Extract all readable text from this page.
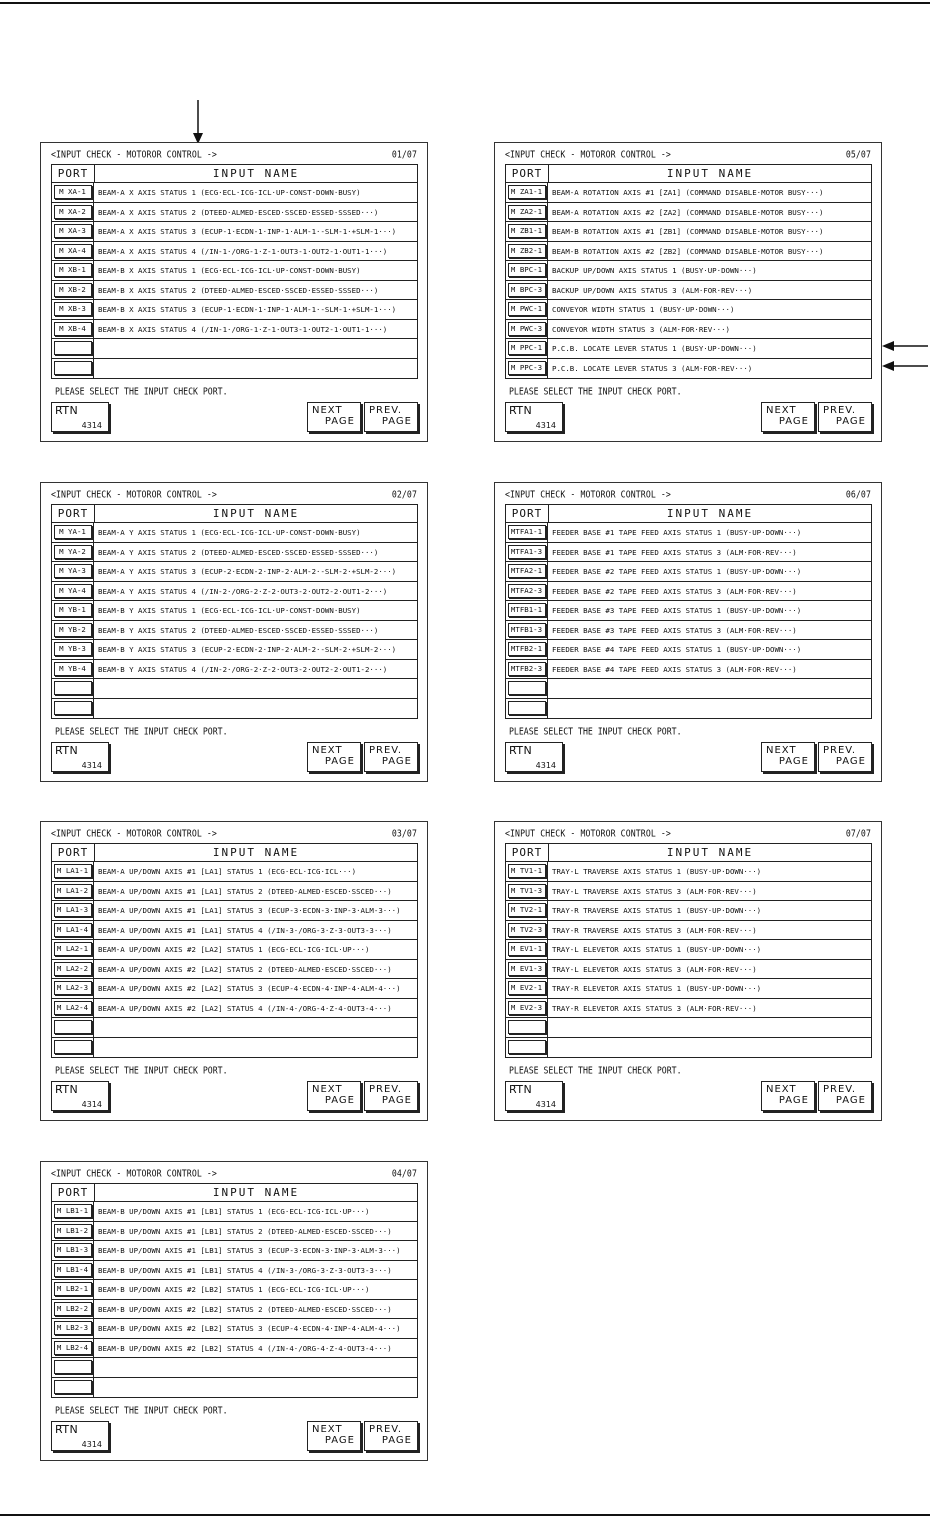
<INPUT CHECK - MOTOROR CONTROL ->	01/07
PORT	INPUT NAME
M XA-1	BEAM-A X AXIS STATUS 1 (ECG·ECL·ICG·ICL·UP·CONST·DOWN·BUSY)
M XA-2	BEAM-A X AXIS STATUS 2 (DTEED·ALMED·ESCED·SSCED·ESSED·SSSED···)
M XA-3	BEAM-A X AXIS STATUS 3 (ECUP-1·ECDN-1·INP-1·ALM-1·-SLM-1·+SLM-1···)
M XA-4	BEAM-A X AXIS STATUS 4 (/IN-1·/ORG-1·Z-1·OUT3-1·OUT2-1·OUT1-1···)
M XB-1	BEAM-B X AXIS STATUS 1 (ECG·ECL·ICG·ICL·UP·CONST·DOWN·BUSY)
M XB-2	BEAM-B X AXIS STATUS 2 (DTEED·ALMED·ESCED·SSCED·ESSED·SSSED···)
M XB-3	BEAM-B X AXIS STATUS 3 (ECUP-1·ECDN-1·INP-1·ALM-1·-SLM-1·+SLM-1···)
M XB-4	BEAM-B X AXIS STATUS 4 (/IN-1·/ORG-1·Z-1·OUT3-1·OUT2-1·OUT1-1···)
PLEASE SELECT THE INPUT CHECK PORT.
RTN
4314
NEXT
PAGE
PREV.
PAGE
<INPUT CHECK - MOTOROR CONTROL ->	02/07
PORT	INPUT NAME
M YA-1	BEAM-A Y AXIS STATUS 1 (ECG·ECL·ICG·ICL·UP·CONST·DOWN·BUSY)
M YA-2	BEAM-A Y AXIS STATUS 2 (DTEED·ALMED·ESCED·SSCED·ESSED·SSSED···)
M YA-3	BEAM-A Y AXIS STATUS 3 (ECUP-2·ECDN-2·INP-2·ALM-2·-SLM-2·+SLM-2···)
M YA-4	BEAM-A Y AXIS STATUS 4 (/IN-2·/ORG-2·Z-2·OUT3-2·OUT2-2·OUT1-2···)
M YB-1	BEAM-B Y AXIS STATUS 1 (ECG·ECL·ICG·ICL·UP·CONST·DOWN·BUSY)
M YB-2	BEAM-B Y AXIS STATUS 2 (DTEED·ALMED·ESCED·SSCED·ESSED·SSSED···)
M YB-3	BEAM-B Y AXIS STATUS 3 (ECUP-2·ECDN-2·INP-2·ALM-2·-SLM-2·+SLM-2···)
M YB-4	BEAM-B Y AXIS STATUS 4 (/IN-2·/ORG-2·Z-2·OUT3-2·OUT2-2·OUT1-2···)
PLEASE SELECT THE INPUT CHECK PORT.
RTN
4314
NEXT
PAGE
PREV.
PAGE
<INPUT CHECK - MOTOROR CONTROL ->	03/07
PORT	INPUT NAME
M LA1-1	BEAM-A UP/DOWN AXIS #1 [LA1] STATUS 1 (ECG·ECL·ICG·ICL···)
M LA1-2	BEAM-A UP/DOWN AXIS #1 [LA1] STATUS 2 (DTEED·ALMED·ESCED·SSCED···)
M LA1-3	BEAM-A UP/DOWN AXIS #1 [LA1] STATUS 3 (ECUP-3·ECDN-3·INP-3·ALM-3···)
M LA1-4	BEAM-A UP/DOWN AXIS #1 [LA1] STATUS 4 (/IN-3·/ORG-3·Z-3·OUT3-3···)
M LA2-1	BEAM-A UP/DOWN AXIS #2 [LA2] STATUS 1 (ECG·ECL·ICG·ICL·UP···)
M LA2-2	BEAM-A UP/DOWN AXIS #2 [LA2] STATUS 2 (DTEED·ALMED·ESCED·SSCED···)
M LA2-3	BEAM-A UP/DOWN AXIS #2 [LA2] STATUS 3 (ECUP-4·ECDN-4·INP-4·ALM-4···)
M LA2-4	BEAM-A UP/DOWN AXIS #2 [LA2] STATUS 4 (/IN-4·/ORG-4·Z-4·OUT3-4···)
PLEASE SELECT THE INPUT CHECK PORT.
RTN
4314
NEXT
PAGE
PREV.
PAGE
<INPUT CHECK - MOTOROR CONTROL ->	04/07
PORT	INPUT NAME
M LB1-1	BEAM-B UP/DOWN AXIS #1 [LB1] STATUS 1 (ECG·ECL·ICG·ICL·UP···)
M LB1-2	BEAM-B UP/DOWN AXIS #1 [LB1] STATUS 2 (DTEED·ALMED·ESCED·SSCED···)
M LB1-3	BEAM-B UP/DOWN AXIS #1 [LB1] STATUS 3 (ECUP-3·ECDN-3·INP-3·ALM-3···)
M LB1-4	BEAM-B UP/DOWN AXIS #1 [LB1] STATUS 4 (/IN-3·/ORG-3·Z-3·OUT3-3···)
M LB2-1	BEAM-B UP/DOWN AXIS #2 [LB2] STATUS 1 (ECG·ECL·ICG·ICL·UP···)
M LB2-2	BEAM-B UP/DOWN AXIS #2 [LB2] STATUS 2 (DTEED·ALMED·ESCED·SSCED···)
M LB2-3	BEAM-B UP/DOWN AXIS #2 [LB2] STATUS 3 (ECUP-4·ECDN-4·INP-4·ALM-4···)
M LB2-4	BEAM-B UP/DOWN AXIS #2 [LB2] STATUS 4 (/IN-4·/ORG-4·Z-4·OUT3-4···)
PLEASE SELECT THE INPUT CHECK PORT.
RTN
4314
NEXT
PAGE
PREV.
PAGE
<INPUT CHECK - MOTOROR CONTROL ->	05/07
PORT	INPUT NAME
M ZA1-1	BEAM-A ROTATION AXIS #1 [ZA1] (COMMAND DISABLE·MOTOR BUSY···)
M ZA2-1	BEAM-A ROTATION AXIS #2 [ZA2] (COMMAND DISABLE·MOTOR BUSY···)
M ZB1-1	BEAM-B ROTATION AXIS #1 [ZB1] (COMMAND DISABLE·MOTOR BUSY···)
M ZB2-1	BEAM-B ROTATION AXIS #2 [ZB2] (COMMAND DISABLE·MOTOR BUSY···)
M BPC-1	BACKUP UP/DOWN AXIS STATUS 1 (BUSY·UP·DOWN···)
M BPC-3	BACKUP UP/DOWN AXIS STATUS 3 (ALM·FOR·REV···)
M PWC-1	CONVEYOR WIDTH STATUS 1 (BUSY·UP·DOWN···)
M PWC-3	CONVEYOR WIDTH STATUS 3 (ALM·FOR·REV···)
M PPC-1	P.C.B. LOCATE LEVER STATUS 1 (BUSY·UP·DOWN···)
M PPC-3	P.C.B. LOCATE LEVER STATUS 3 (ALM·FOR·REV···)
PLEASE SELECT THE INPUT CHECK PORT.
RTN
4314
NEXT
PAGE
PREV.
PAGE
<INPUT CHECK - MOTOROR CONTROL ->	06/07
PORT	INPUT NAME
MTFA1-1	FEEDER BASE #1 TAPE FEED AXIS STATUS 1 (BUSY·UP·DOWN···)
MTFA1-3	FEEDER BASE #1 TAPE FEED AXIS STATUS 3 (ALM·FOR·REV···)
MTFA2-1	FEEDER BASE #2 TAPE FEED AXIS STATUS 1 (BUSY·UP·DOWN···)
MTFA2-3	FEEDER BASE #2 TAPE FEED AXIS STATUS 3 (ALM·FOR·REV···)
MTFB1-1	FEEDER BASE #3 TAPE FEED AXIS STATUS 1 (BUSY·UP·DOWN···)
MTFB1-3	FEEDER BASE #3 TAPE FEED AXIS STATUS 3 (ALM·FOR·REV···)
MTFB2-1	FEEDER BASE #4 TAPE FEED AXIS STATUS 1 (BUSY·UP·DOWN···)
MTFB2-3	FEEDER BASE #4 TAPE FEED AXIS STATUS 3 (ALM·FOR·REV···)
PLEASE SELECT THE INPUT CHECK PORT.
RTN
4314
NEXT
PAGE
PREV.
PAGE
<INPUT CHECK - MOTOROR CONTROL ->	07/07
PORT	INPUT NAME
M TV1-1	TRAY-L TRAVERSE AXIS STATUS 1 (BUSY·UP·DOWN···)
M TV1-3	TRAY-L TRAVERSE AXIS STATUS 3 (ALM·FOR·REV···)
M TV2-1	TRAY-R TRAVERSE AXIS STATUS 1 (BUSY·UP·DOWN···)
M TV2-3	TRAY-R TRAVERSE AXIS STATUS 3 (ALM·FOR·REV···)
M EV1-1	TRAY-L ELEVETOR AXIS STATUS 1 (BUSY·UP·DOWN···)
M EV1-3	TRAY-L ELEVETOR AXIS STATUS 3 (ALM·FOR·REV···)
M EV2-1	TRAY-R ELEVETOR AXIS STATUS 1 (BUSY·UP·DOWN···)
M EV2-3	TRAY-R ELEVETOR AXIS STATUS 3 (ALM·FOR·REV···)
PLEASE SELECT THE INPUT CHECK PORT.
RTN
4314
NEXT
PAGE
PREV.
PAGE
